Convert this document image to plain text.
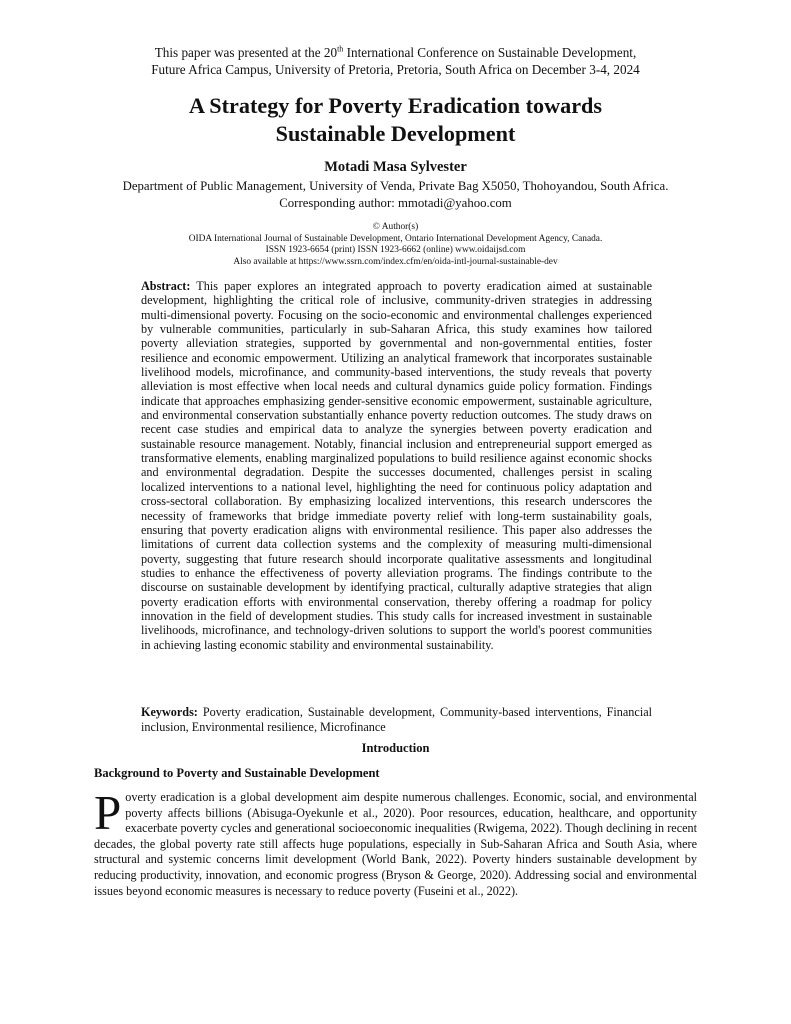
This paper was presented at the 20th International Conference on Sustainable Development,
Future Africa Campus, University of Pretoria, Pretoria, South Africa on December 3-4, 2024
A Strategy for Poverty Eradication towards
Sustainable Development
Motadi Masa Sylvester
Department of Public Management, University of Venda, Private Bag X5050, Thohoyandou, South Africa.
Corresponding author: mmotadi@yahoo.com
© Author(s)
OIDA International Journal of Sustainable Development, Ontario International Development Agency, Canada.
ISSN 1923-6654 (print) ISSN 1923-6662 (online) www.oidaijsd.com
Also available at https://www.ssrn.com/index.cfm/en/oida-intl-journal-sustainable-dev

Abstract: This paper explores an integrated approach to poverty eradication aimed at sustainable development, highlighting the critical role of inclusive, community-driven strategies in addressing multi-dimensional poverty. Focusing on the socio-economic and environmental challenges experienced by vulnerable communities, particularly in sub-Saharan Africa, this study examines how tailored poverty alleviation strategies, supported by governmental and non-governmental entities, foster resilience and economic empowerment. Utilizing an analytical framework that incorporates sustainable livelihood models, microfinance, and community-based interventions, the study reveals that poverty alleviation is most effective when local needs and cultural dynamics guide policy formation. Findings indicate that approaches emphasizing gender-sensitive economic empowerment, sustainable agriculture, and environmental conservation substantially enhance poverty reduction outcomes. The study draws on recent case studies and empirical data to analyze the synergies between poverty eradication and sustainable resource management. Notably, financial inclusion and entrepreneurial support emerged as transformative elements, enabling marginalized populations to build resilience against economic shocks and environmental degradation. Despite the successes documented, challenges persist in scaling localized interventions to a national level, highlighting the need for continuous policy adaptation and cross-sectoral collaboration. By emphasizing localized interventions, this research underscores the necessity of frameworks that bridge immediate poverty relief with long-term sustainability goals, ensuring that poverty eradication aligns with environmental resilience. This paper also addresses the limitations of current data collection systems and the complexity of measuring multi-dimensional poverty, suggesting that future research should incorporate qualitative assessments and longitudinal studies to enhance the effectiveness of poverty alleviation programs. The findings contribute to the discourse on sustainable development by identifying practical, culturally adaptive strategies that align poverty eradication efforts with environmental conservation, thereby offering a roadmap for policy innovation in the field of development studies. This study calls for increased investment in sustainable livelihoods, microfinance, and technology-driven solutions to support the world's poorest communities in achieving lasting economic stability and environmental sustainability.

Keywords: Poverty eradication, Sustainable development, Community-based interventions, Financial inclusion, Environmental resilience, Microfinance

Introduction
Background to Poverty and Sustainable Development

Poverty eradication is a global development aim despite numerous challenges. Economic, social, and environmental poverty affects billions (Abisuga-Oyekunle et al., 2020). Poor resources, education, healthcare, and opportunity exacerbate poverty cycles and generational socioeconomic inequalities (Rwigema, 2022). Though declining in recent decades, the global poverty rate still affects huge populations, especially in Sub-Saharan Africa and South Asia, where structural and systemic concerns limit development (World Bank, 2022). Poverty hinders sustainable development by reducing productivity, innovation, and economic progress (Bryson & George, 2020). Addressing social and environmental issues beyond economic measures is necessary to reduce poverty (Fuseini et al., 2022).
